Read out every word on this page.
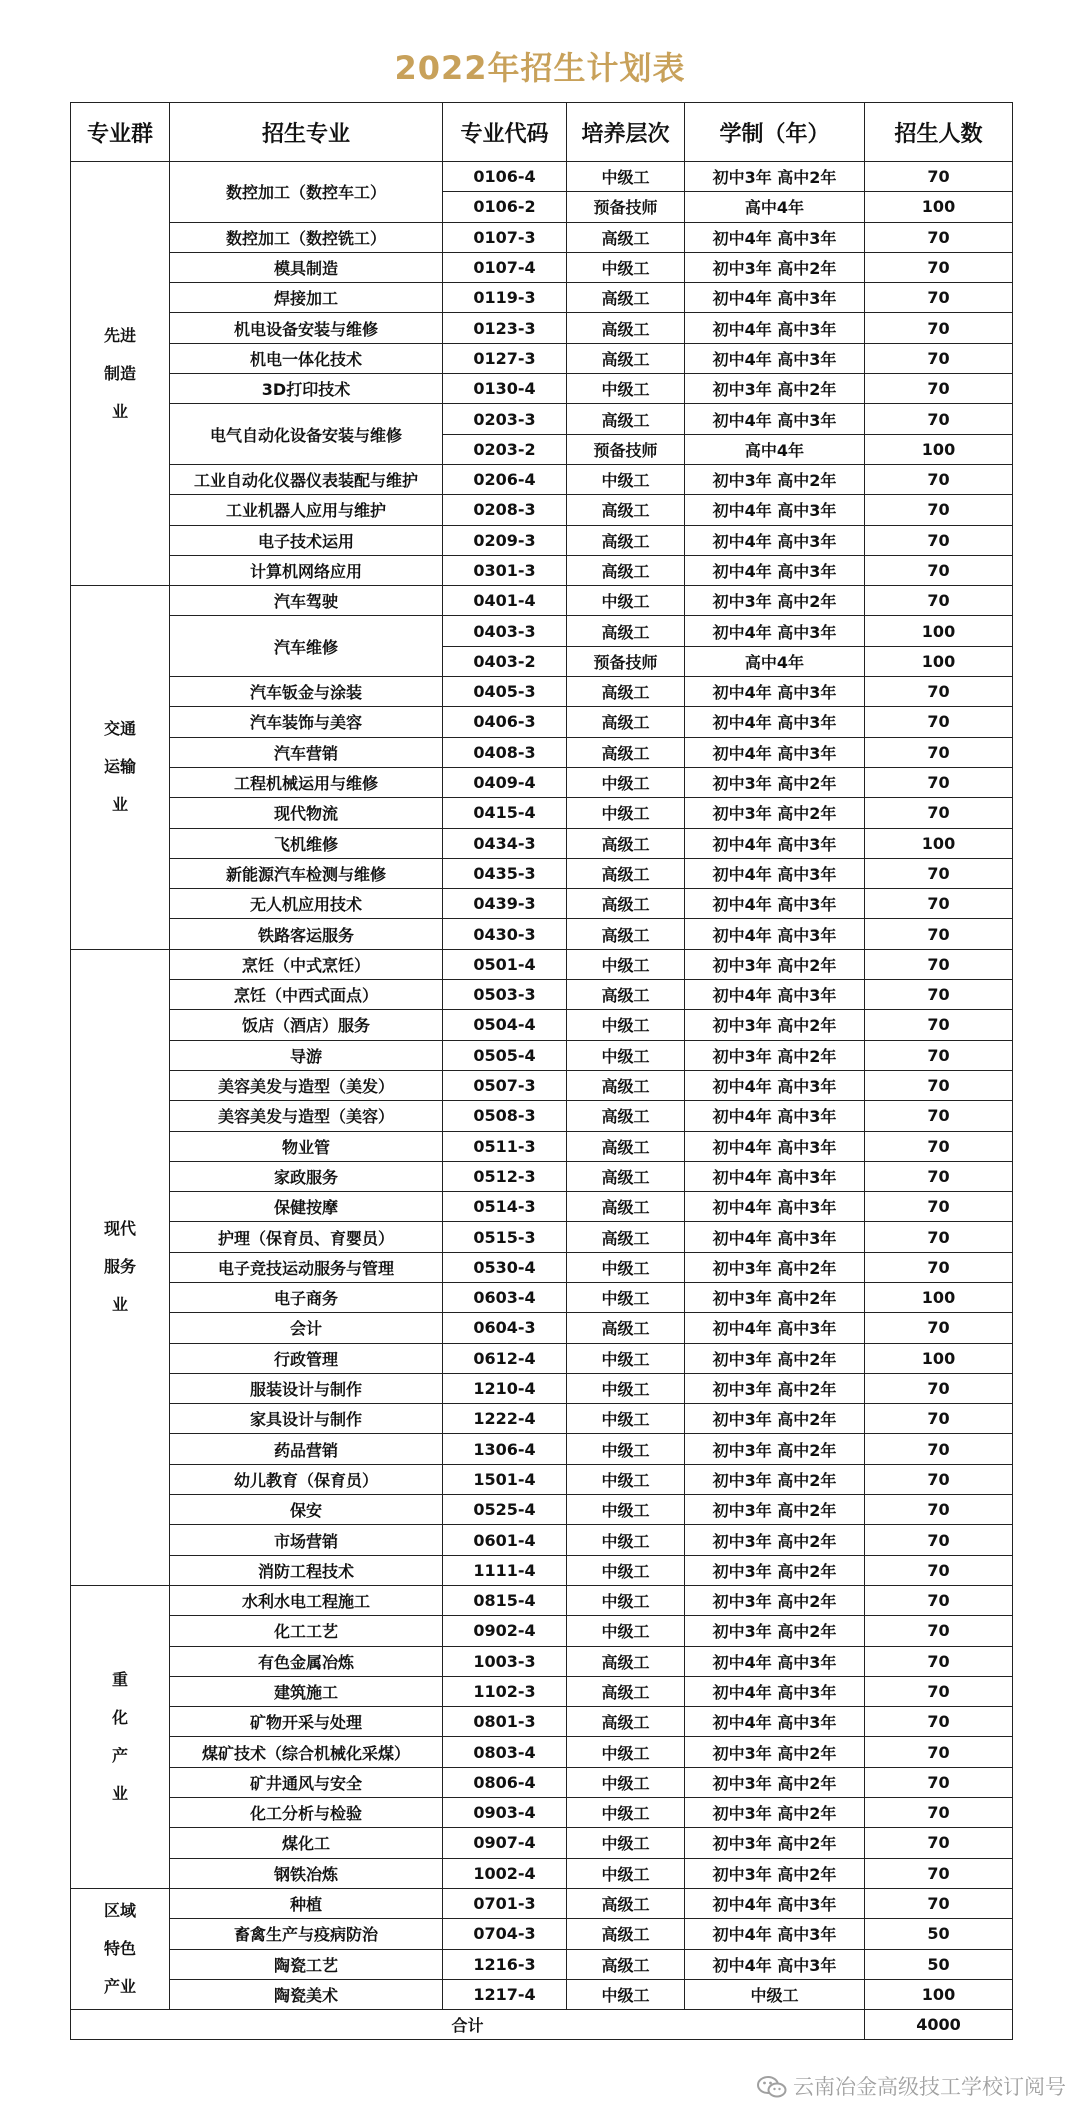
2022年招生计划表
专业群	招生专业	专业代码	培养层次	学制（年）	招生人数
先进
制造
业	数控加工（数控车工）	0106-4	中级工	初中3年 高中2年	70
		0106-2	预备技师	高中4年	100
	数控加工（数控铣工）	0107-3	高级工	初中4年 高中3年	70
	模具制造	0107-4	中级工	初中3年 高中2年	70
	焊接加工	0119-3	高级工	初中4年 高中3年	70
	机电设备安装与维修	0123-3	高级工	初中4年 高中3年	70
	机电一体化技术	0127-3	高级工	初中4年 高中3年	70
	3D打印技术	0130-4	中级工	初中3年 高中2年	70
	电气自动化设备安装与维修	0203-3	高级工	初中4年 高中3年	70
		0203-2	预备技师	高中4年	100
	工业自动化仪器仪表装配与维护	0206-4	中级工	初中3年 高中2年	70
	工业机器人应用与维护	0208-3	高级工	初中4年 高中3年	70
	电子技术运用	0209-3	高级工	初中4年 高中3年	70
	计算机网络应用	0301-3	高级工	初中4年 高中3年	70
交通
运输
业	汽车驾驶	0401-4	中级工	初中3年 高中2年	70
	汽车维修	0403-3	高级工	初中4年 高中3年	100
		0403-2	预备技师	高中4年	100
	汽车钣金与涂装	0405-3	高级工	初中4年 高中3年	70
	汽车装饰与美容	0406-3	高级工	初中4年 高中3年	70
	汽车营销	0408-3	高级工	初中4年 高中3年	70
	工程机械运用与维修	0409-4	中级工	初中3年 高中2年	70
	现代物流	0415-4	中级工	初中3年 高中2年	70
	飞机维修	0434-3	高级工	初中4年 高中3年	100
	新能源汽车检测与维修	0435-3	高级工	初中4年 高中3年	70
	无人机应用技术	0439-3	高级工	初中4年 高中3年	70
	铁路客运服务	0430-3	高级工	初中4年 高中3年	70
现代
服务
业	烹饪（中式烹饪）	0501-4	中级工	初中3年 高中2年	70
	烹饪（中西式面点）	0503-3	高级工	初中4年 高中3年	70
	饭店（酒店）服务	0504-4	中级工	初中3年 高中2年	70
	导游	0505-4	中级工	初中3年 高中2年	70
	美容美发与造型（美发）	0507-3	高级工	初中4年 高中3年	70
	美容美发与造型（美容）	0508-3	高级工	初中4年 高中3年	70
	物业管	0511-3	高级工	初中4年 高中3年	70
	家政服务	0512-3	高级工	初中4年 高中3年	70
	保健按摩	0514-3	高级工	初中4年 高中3年	70
	护理（保育员、育婴员）	0515-3	高级工	初中4年 高中3年	70
	电子竞技运动服务与管理	0530-4	中级工	初中3年 高中2年	70
	电子商务	0603-4	中级工	初中3年 高中2年	100
	会计	0604-3	高级工	初中4年 高中3年	70
	行政管理	0612-4	中级工	初中3年 高中2年	100
	服装设计与制作	1210-4	中级工	初中3年 高中2年	70
	家具设计与制作	1222-4	中级工	初中3年 高中2年	70
	药品营销	1306-4	中级工	初中3年 高中2年	70
	幼儿教育（保育员）	1501-4	中级工	初中3年 高中2年	70
	保安	0525-4	中级工	初中3年 高中2年	70
	市场营销	0601-4	中级工	初中3年 高中2年	70
	消防工程技术	1111-4	中级工	初中3年 高中2年	70
重
化
产
业	水利水电工程施工	0815-4	中级工	初中3年 高中2年	70
	化工工艺	0902-4	中级工	初中3年 高中2年	70
	有色金属冶炼	1003-3	高级工	初中4年 高中3年	70
	建筑施工	1102-3	高级工	初中4年 高中3年	70
	矿物开采与处理	0801-3	高级工	初中4年 高中3年	70
	煤矿技术（综合机械化采煤）	0803-4	中级工	初中3年 高中2年	70
	矿井通风与安全	0806-4	中级工	初中3年 高中2年	70
	化工分析与检验	0903-4	中级工	初中3年 高中2年	70
	煤化工	0907-4	中级工	初中3年 高中2年	70
	钢铁冶炼	1002-4	中级工	初中3年 高中2年	70
区域
特色
产业	种植	0701-3	高级工	初中4年 高中3年	70
	畜禽生产与疫病防治	0704-3	高级工	初中4年 高中3年	50
	陶瓷工艺	1216-3	高级工	初中4年 高中3年	50
	陶瓷美术	1217-4	中级工	中级工	100
合计					4000
云南冶金高级技工学校订阅号
